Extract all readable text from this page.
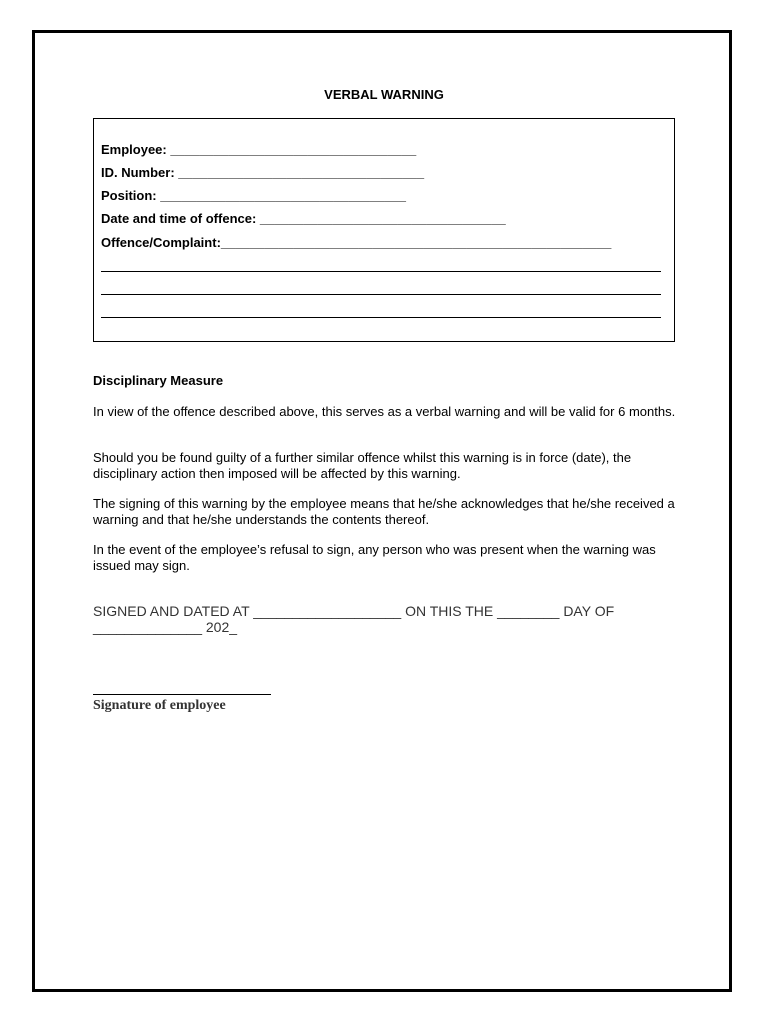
VERBAL WARNING
Employee: __________________________________
ID. Number: __________________________________
Position: __________________________________
Date and time of offence: __________________________________
Offence/Complaint:______________________________________________________
Disciplinary Measure
In view of the offence described above, this serves as a verbal warning and will be valid for 6 months.
Should you be found guilty of a further similar offence whilst this warning is in force (date), the disciplinary action then imposed will be affected by this warning.
The signing of this warning by the employee means that he/she acknowledges that he/she received a warning and that he/she understands the contents thereof.
In the event of the employee’s refusal to sign, any person who was present when the warning was issued may sign.
SIGNED AND DATED AT ___________________ ON THIS THE ________ DAY OF ______________ 202_
Signature of employee
